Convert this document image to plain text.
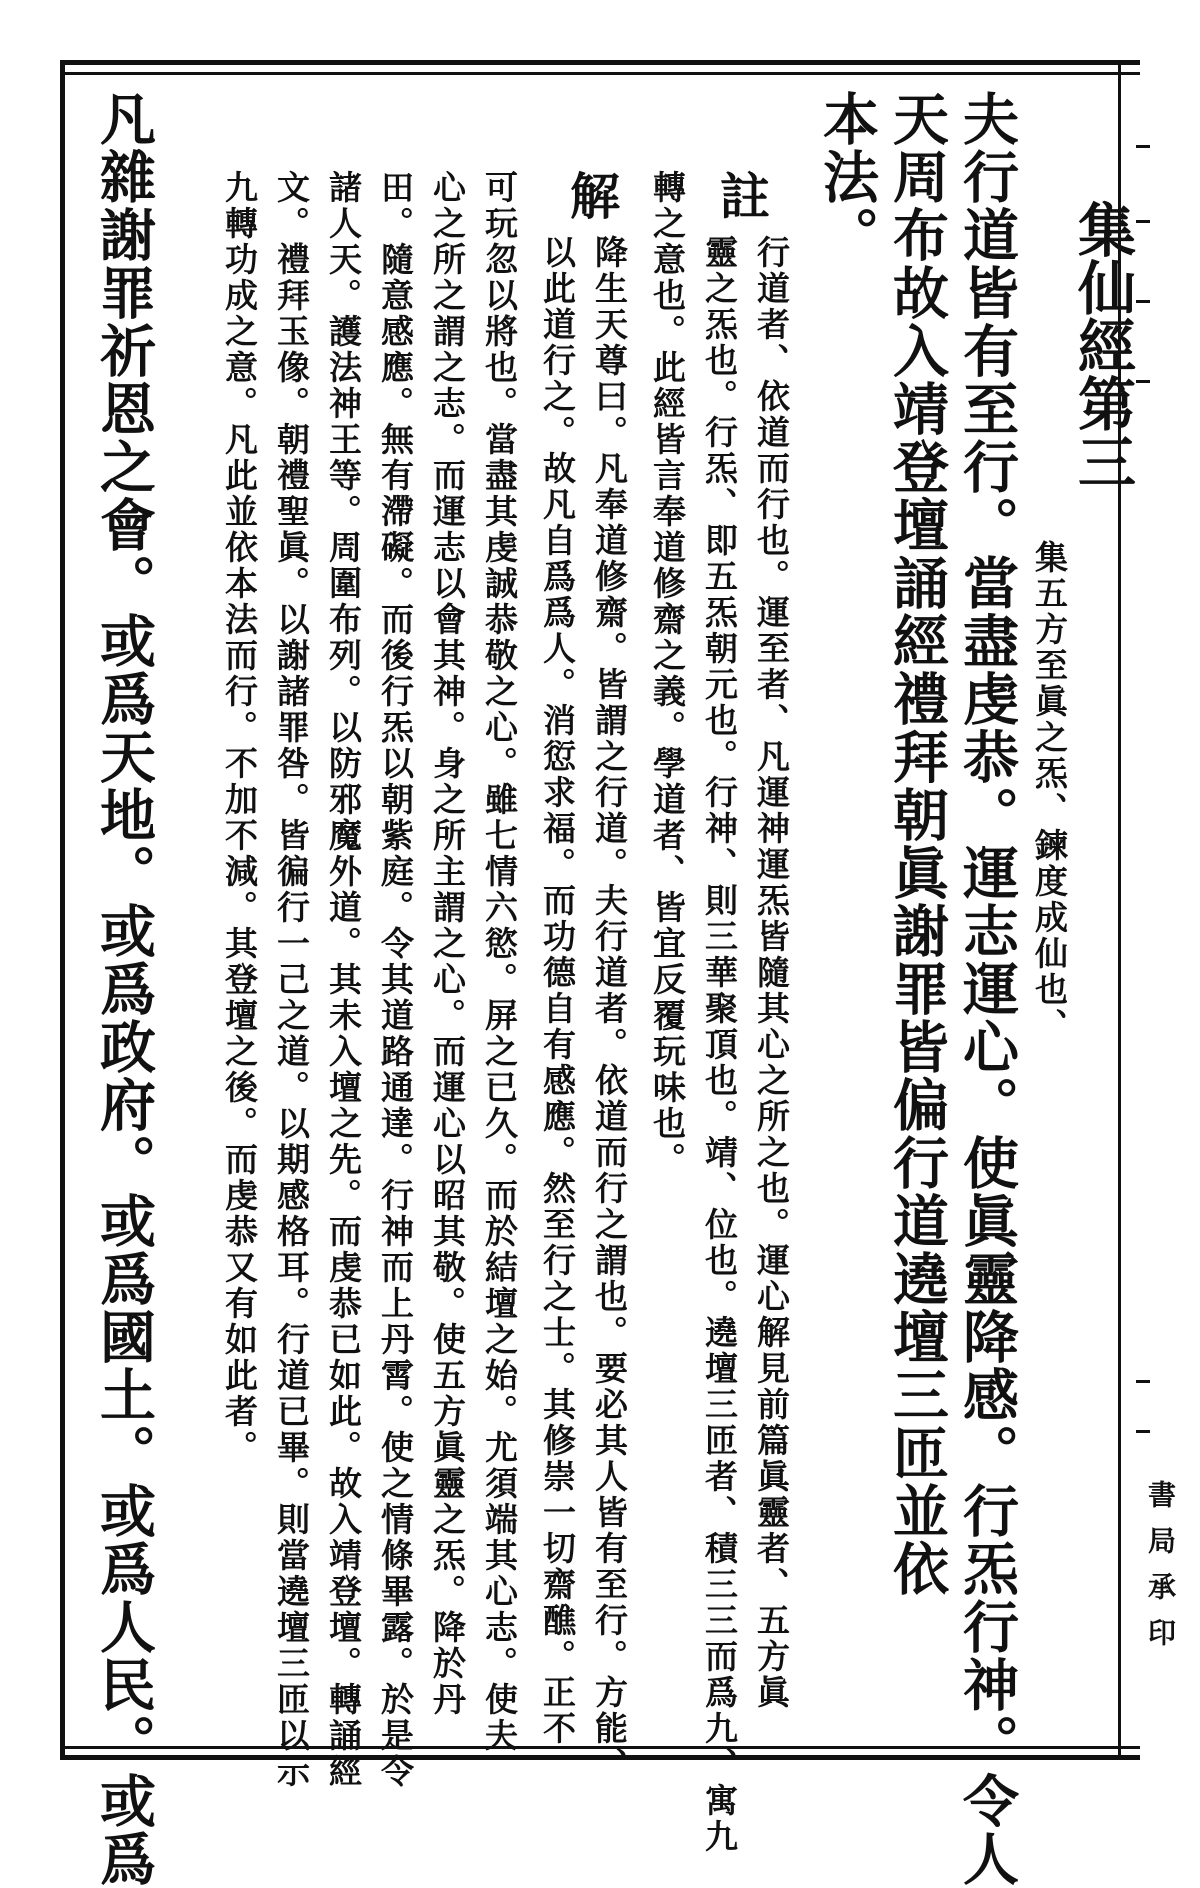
集仙經第三
集五方至眞之炁、鍊度成仙也、
夫行道皆有至行。當盡虔恭。運志運心。使眞靈降感。行炁行神。令人
天周布故入靖登壇誦經禮拜朝眞謝罪皆偏行道遶壇三匝並依
本法。
註
行道者、依道而行也。運至者、凡運神運炁皆隨其心之所之也。運心解見前篇眞靈者、五方眞
靈之炁也。行炁、即五炁朝元也。行神、則三華聚頂也。靖、位也。遶壇三匝者、積三三而爲九、寓九
轉之意也。此經皆言奉道修齋之義。學道者、皆宜反覆玩味也。
解
降生天尊曰。凡奉道修齋。皆謂之行道。夫行道者。依道而行之謂也。要必其人皆有至行。方能、
以此道行之。故凡自爲爲人。消愆求福。而功德自有感應。然至行之士。其修崇一切齋醮。正不
可玩忽以將也。當盡其虔誠恭敬之心。雖七情六慾。屏之已久。而於結壇之始。尤須端其心志。使夫
心之所之謂之志。而運志以會其神。身之所主謂之心。而運心以昭其敬。使五方眞靈之炁。降於丹
田。隨意感應。無有滯礙。而後行炁以朝紫庭。令其道路通達。行神而上丹霄。使之情條畢露。於是令
諸人天。護法神王等。周圍布列。以防邪魔外道。其未入壇之先。而虔恭已如此。故入靖登壇。轉誦經
文。禮拜玉像。朝禮聖眞。以謝諸罪咎。皆徧行一己之道。以期感格耳。行道已畢。則當遶壇三匝以示
九轉功成之意。凡此並依本法而行。不加不減。其登壇之後。而虔恭又有如此者。
凡雜謝罪祈恩之會。或爲天地。或爲政府。或爲國土。或爲人民。或爲	書局承印
